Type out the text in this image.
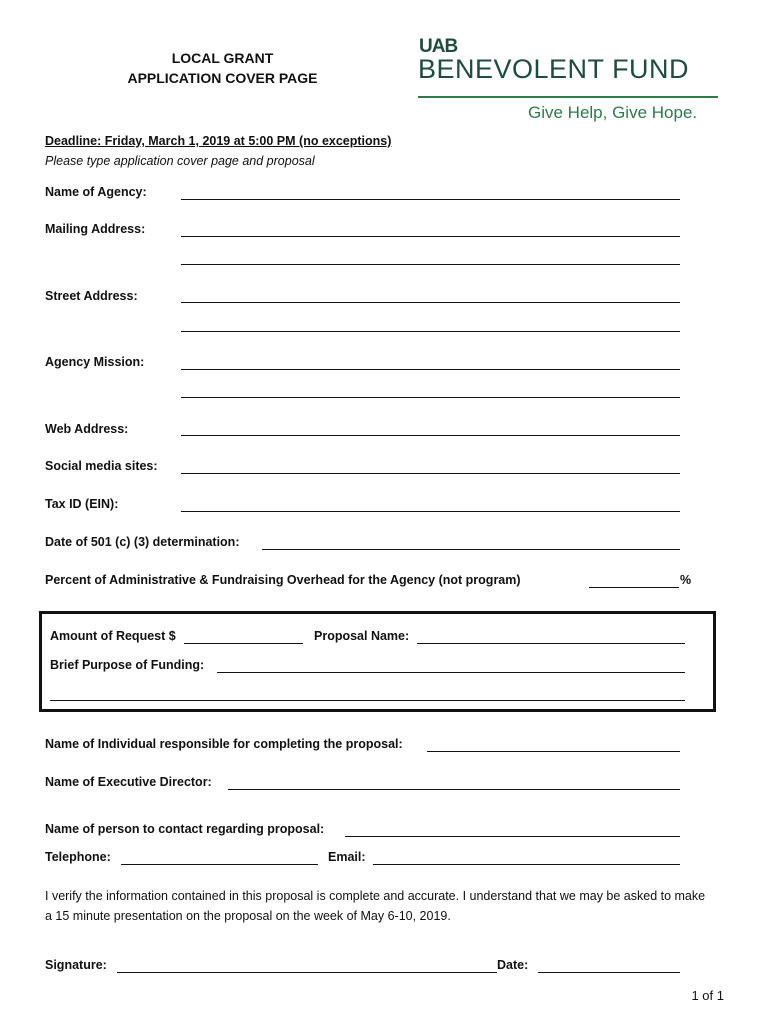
LOCAL GRANT
APPLICATION COVER PAGE
UAB
BENEVOLENT FUND
Give Help, Give Hope.
Deadline: Friday, March 1, 2019 at 5:00 PM (no exceptions)
Please type application cover page and proposal
Name of Agency:
Mailing Address:
Street Address:
Agency Mission:
Web Address:
Social media sites:
Tax ID (EIN):
Date of 501 (c) (3) determination:
Percent of Administrative & Fundraising Overhead for the Agency (not program)	%
Amount of Request $	Proposal Name:
Brief Purpose of Funding:
Name of Individual responsible for completing the proposal:
Name of Executive Director:
Name of person to contact regarding proposal:
Telephone:	Email:
I verify the information contained in this proposal is complete and accurate. I understand that we may be asked to make a 15 minute presentation on the proposal on the week of May 6-10, 2019.
Signature:	Date:
1 of 1
